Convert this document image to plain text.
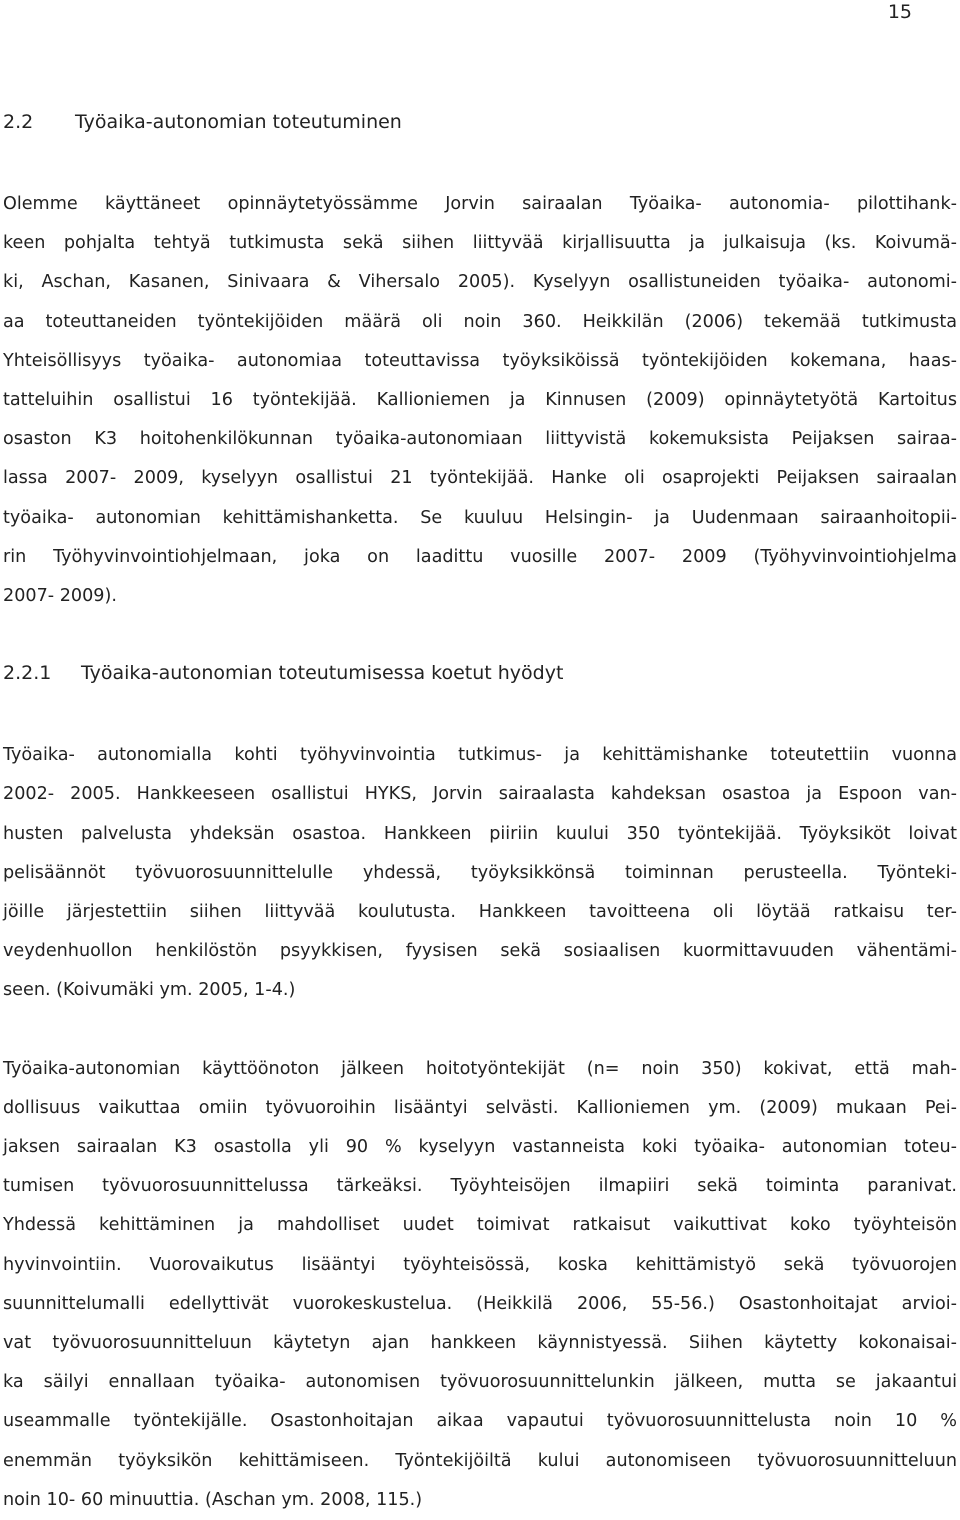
15
2.2 Työaika-autonomian toteutuminen
Olemme käyttäneet opinnäytetyössämme Jorvin sairaalan Työaika- autonomia- pilottihank-
keen pohjalta tehtyä tutkimusta sekä siihen liittyvää kirjallisuutta ja julkaisuja (ks. Koivumä-
ki, Aschan, Kasanen, Sinivaara & Vihersalo 2005). Kyselyyn osallistuneiden työaika- autonomi-
aa toteuttaneiden työntekijöiden määrä oli noin 360. Heikkilän (2006) tekemää tutkimusta
Yhteisöllisyys työaika- autonomiaa toteuttavissa työyksiköissä työntekijöiden kokemana, haas-
tatteluihin osallistui 16 työntekijää. Kallioniemen ja Kinnusen (2009) opinnäytetyötä Kartoitus
osaston K3 hoitohenkilökunnan työaika-autonomiaan liittyvistä kokemuksista Peijaksen sairaa-
lassa 2007- 2009, kyselyyn osallistui 21 työntekijää. Hanke oli osaprojekti Peijaksen sairaalan
työaika- autonomian kehittämishanketta. Se kuuluu Helsingin- ja Uudenmaan sairaanhoitopii-
rin Työhyvinvointiohjelmaan, joka on laadittu vuosille 2007- 2009 (Työhyvinvointiohjelma
2007- 2009).
2.2.1 Työaika-autonomian toteutumisessa koetut hyödyt
Työaika- autonomialla kohti työhyvinvointia tutkimus- ja kehittämishanke toteutettiin vuonna
2002- 2005. Hankkeeseen osallistui HYKS, Jorvin sairaalasta kahdeksan osastoa ja Espoon van-
husten palvelusta yhdeksän osastoa. Hankkeen piiriin kuului 350 työntekijää. Työyksiköt loivat
pelisäännöt työvuorosuunnittelulle yhdessä, työyksikkönsä toiminnan perusteella. Työnteki-
jöille järjestettiin siihen liittyvää koulutusta. Hankkeen tavoitteena oli löytää ratkaisu ter-
veydenhuollon henkilöstön psyykkisen, fyysisen sekä sosiaalisen kuormittavuuden vähentämi-
seen. (Koivumäki ym. 2005, 1-4.)
Työaika-autonomian käyttöönoton jälkeen hoitotyöntekijät (n= noin 350) kokivat, että mah-
dollisuus vaikuttaa omiin työvuoroihin lisääntyi selvästi. Kallioniemen ym. (2009) mukaan Pei-
jaksen sairaalan K3 osastolla yli 90 % kyselyyn vastanneista koki työaika- autonomian toteu-
tumisen työvuorosuunnittelussa tärkeäksi. Työyhteisöjen ilmapiiri sekä toiminta paranivat.
Yhdessä kehittäminen ja mahdolliset uudet toimivat ratkaisut vaikuttivat koko työyhteisön
hyvinvointiin. Vuorovaikutus lisääntyi työyhteisössä, koska kehittämistyö sekä työvuorojen
suunnittelumalli edellyttivät vuorokeskustelua. (Heikkilä 2006, 55-56.) Osastonhoitajat arvioi-
vat työvuorosuunnitteluun käytetyn ajan hankkeen käynnistyessä. Siihen käytetty kokonaisai-
ka säilyi ennallaan työaika- autonomisen työvuorosuunnittelunkin jälkeen, mutta se jakaantui
useammalle työntekijälle. Osastonhoitajan aikaa vapautui työvuorosuunnittelusta noin 10 %
enemmän työyksikön kehittämiseen. Työntekijöiltä kului autonomiseen työvuorosuunnitteluun
noin 10- 60 minuuttia. (Aschan ym. 2008, 115.)
